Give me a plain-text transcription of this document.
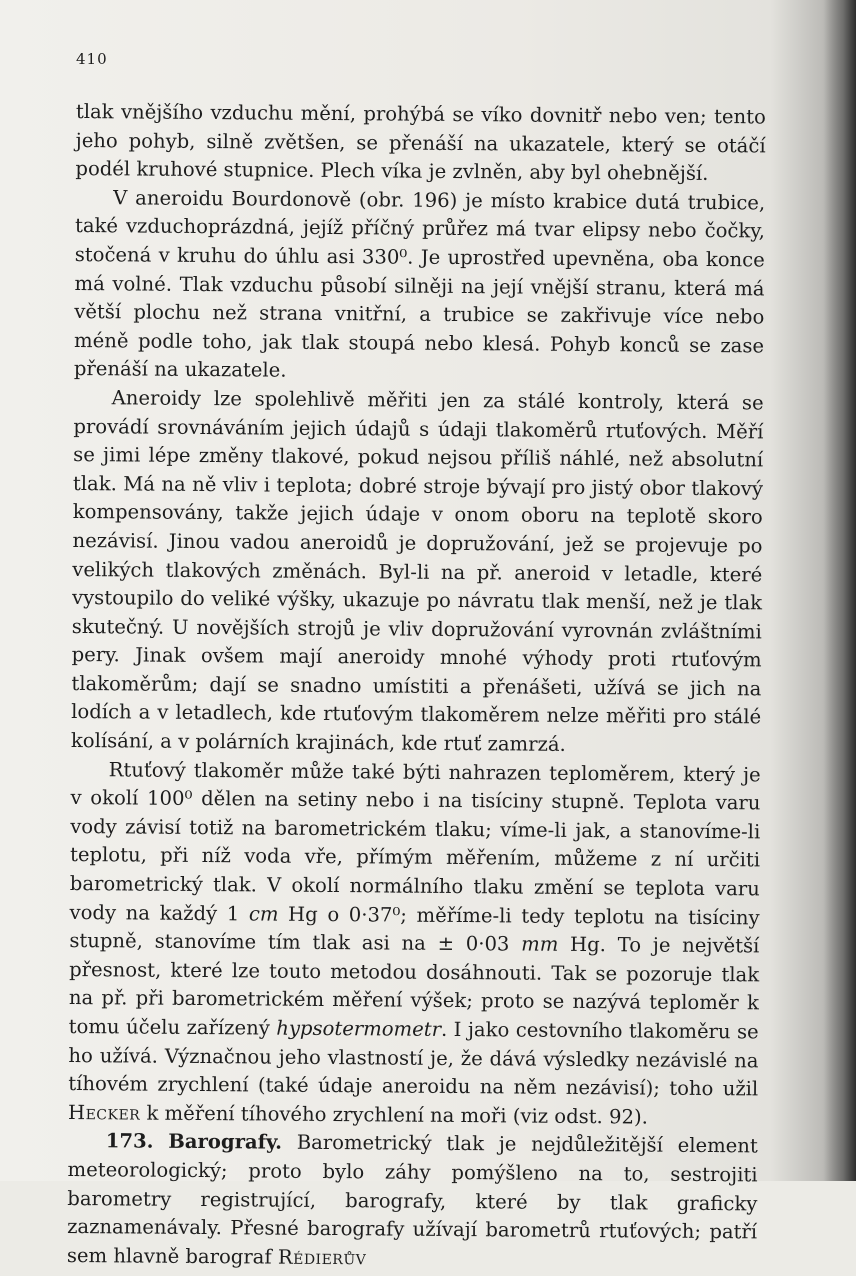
410

tlak vnějšího vzduchu mění, prohýbá se víko dovnitř nebo ven; tento jeho pohyb, silně zvětšen, se přenáší na ukazatele, který se otáčí podél kruhové stupnice. Plech víka je zvlněn, aby byl ohebnější.

V aneroidu Bourdonově (obr. 196) je místo krabice dutá trubice, také vzduchoprázdná, jejíž příčný průřez má tvar elipsy nebo čočky, stočená v kruhu do úhlu asi 330⁰. Je uprostřed upevněna, oba konce má volné. Tlak vzduchu působí silněji na její vnější stranu, která má větší plochu než strana vnitřní, a trubice se zakřivuje více nebo méně podle toho, jak tlak stoupá nebo klesá. Pohyb konců se zase přenáší na ukazatele.

Aneroidy lze spolehlivě měřiti jen za stálé kontroly, která se provádí srovnáváním jejich údajů s údaji tlakoměrů rtuťových. Měří se jimi lépe změny tlakové, pokud nejsou příliš náhlé, než absolutní tlak. Má na ně vliv i teplota; dobré stroje bývají pro jistý obor tlakový kompensovány, takže jejich údaje v onom oboru na teplotě skoro nezávisí. Jinou vadou aneroidů je dopružování, jež se projevuje po velikých tlakových změnách. Byl-li na př. aneroid v letadle, které vystoupilo do veliké výšky, ukazuje po návratu tlak menší, než je tlak skutečný. U novějších strojů je vliv dopružování vyrovnán zvláštními pery. Jinak ovšem mají aneroidy mnohé výhody proti rtuťovým tlakoměrům; dají se snadno umístiti a přenášeti, užívá se jich na lodích a v letadlech, kde rtuťovým tlakoměrem nelze měřiti pro stálé kolísání, a v polárních krajinách, kde rtuť zamrzá.

Rtuťový tlakoměr může také býti nahrazen teploměrem, který je v okolí 100⁰ dělen na setiny nebo i na tisíciny stupně. Teplota varu vody závisí totiž na barometrickém tlaku; víme-li jak, a stanovíme-li teplotu, při níž voda vře, přímým měřením, můžeme z ní určiti barometrický tlak. V okolí normálního tlaku změní se teplota varu vody na každý 1 cm Hg o 0·37⁰; měříme-li tedy teplotu na tisíciny stupně, stanovíme tím tlak asi na ± 0·03 mm Hg. To je největší přesnost, které lze touto metodou dosáhnouti. Tak se pozoruje tlak na př. při barometrickém měření výšek; proto se nazývá teploměr k tomu účelu zařízený hypsotermometr. I jako cestovního tlakoměru se ho užívá. Význačnou jeho vlastností je, že dává výsledky nezávislé na tíhovém zrychlení (také údaje aneroidu na něm nezávisí); toho užil Hecker k měření tíhového zrychlení na moři (viz odst. 92).

173. Barografy. Barometrický tlak je nejdůležitější element meteorologický; proto bylo záhy pomýšleno na to, sestrojiti barometry registrující, barografy, které by tlak graficky zaznamenávaly. Přesné barografy užívají barometrů rtuťových; patří sem hlavně barograf Rédierův
